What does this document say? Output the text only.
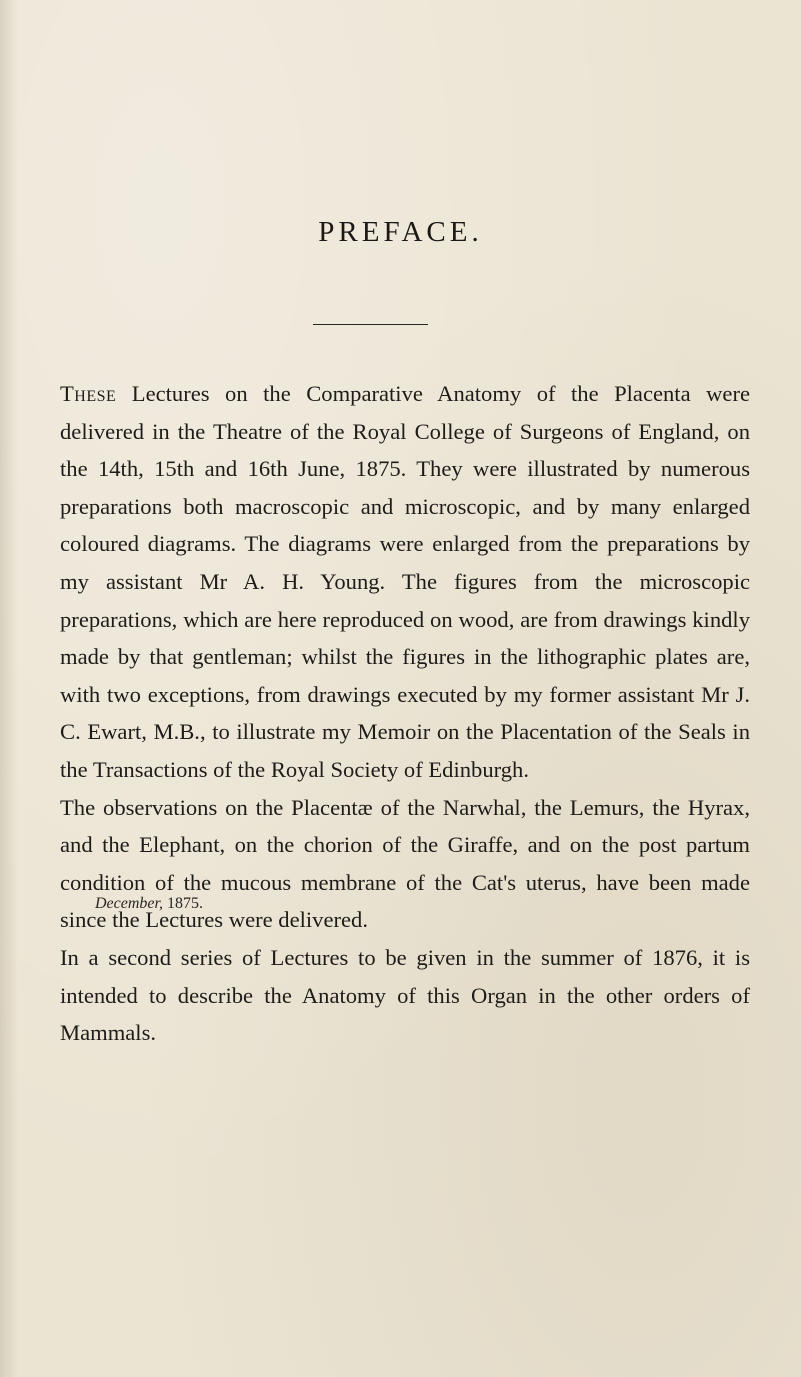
PREFACE.

These Lectures on the Comparative Anatomy of the Placenta were delivered in the Theatre of the Royal College of Surgeons of England, on the 14th, 15th and 16th June, 1875. They were illustrated by numerous preparations both macroscopic and microscopic, and by many enlarged coloured diagrams. The diagrams were enlarged from the preparations by my assistant Mr A. H. Young. The figures from the microscopic preparations, which are here reproduced on wood, are from drawings kindly made by that gentleman; whilst the figures in the lithographic plates are, with two exceptions, from drawings executed by my former assistant Mr J. C. Ewart, M.B., to illustrate my Memoir on the Placentation of the Seals in the Transactions of the Royal Society of Edinburgh.

The observations on the Placentæ of the Narwhal, the Lemurs, the Hyrax, and the Elephant, on the chorion of the Giraffe, and on the post partum condition of the mucous membrane of the Cat's uterus, have been made since the Lectures were delivered.

In a second series of Lectures to be given in the summer of 1876, it is intended to describe the Anatomy of this Organ in the other orders of Mammals.

December, 1875.
